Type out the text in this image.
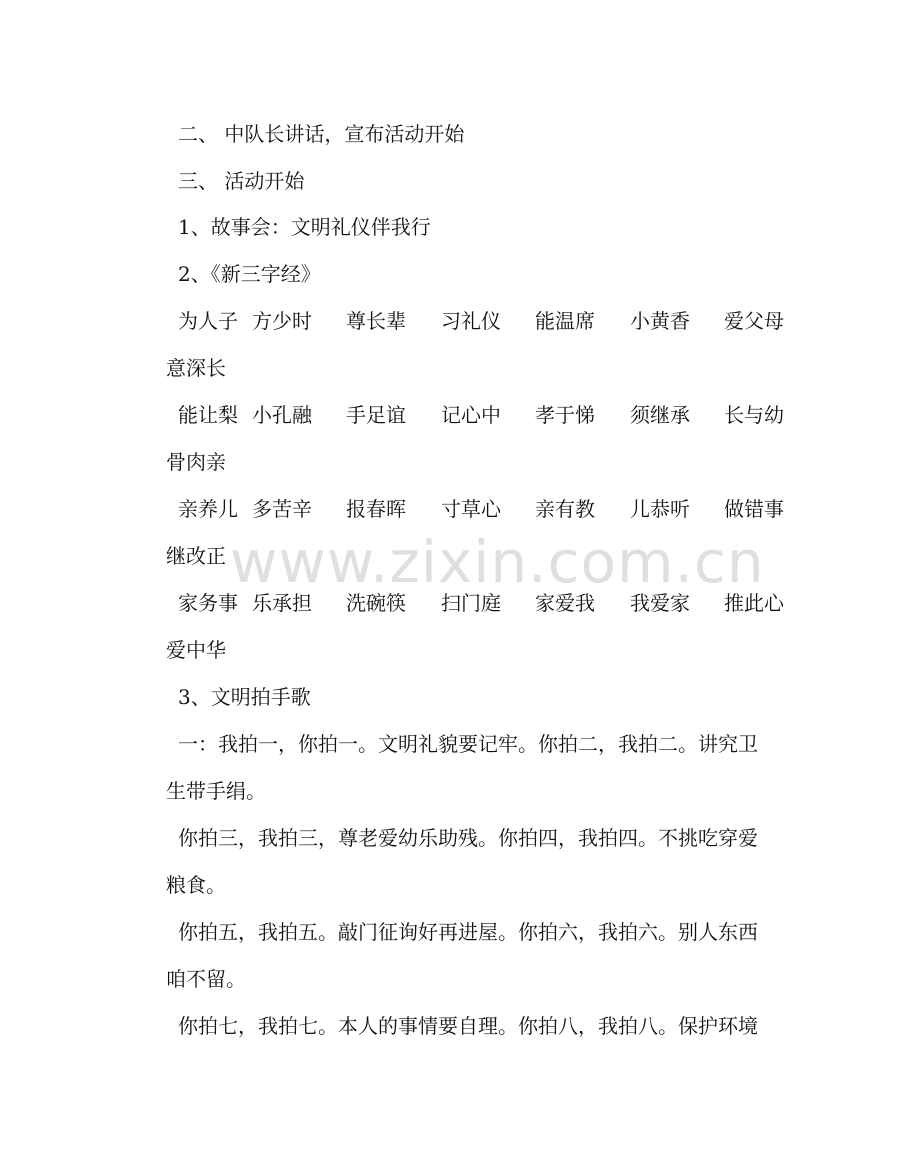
二、 中队长讲话，宣布活动开始
三、 活动开始
1、故事会：文明礼仪伴我行
2、《新三字经》
为人子 方少时 尊长辈 习礼仪 能温席 小黄香 爱父母
意深长
能让梨 小孔融 手足谊 记心中 孝于悌 须继承 长与幼
骨肉亲
亲养儿 多苦辛 报春晖 寸草心 亲有教 儿恭听 做错事
继改正
家务事 乐承担 洗碗筷 扫门庭 家爱我 我爱家 推此心
爱中华
3、文明拍手歌
一：我拍一，你拍一。文明礼貌要记牢。你拍二，我拍二。讲究卫
生带手绢。
你拍三，我拍三，尊老爱幼乐助残。你拍四，我拍四。不挑吃穿爱
粮食。
你拍五，我拍五。敲门征询好再进屋。你拍六，我拍六。别人东西
咱不留。
你拍七，我拍七。本人的事情要自理。你拍八，我拍八。保护环境
www.zixin.com.cn
